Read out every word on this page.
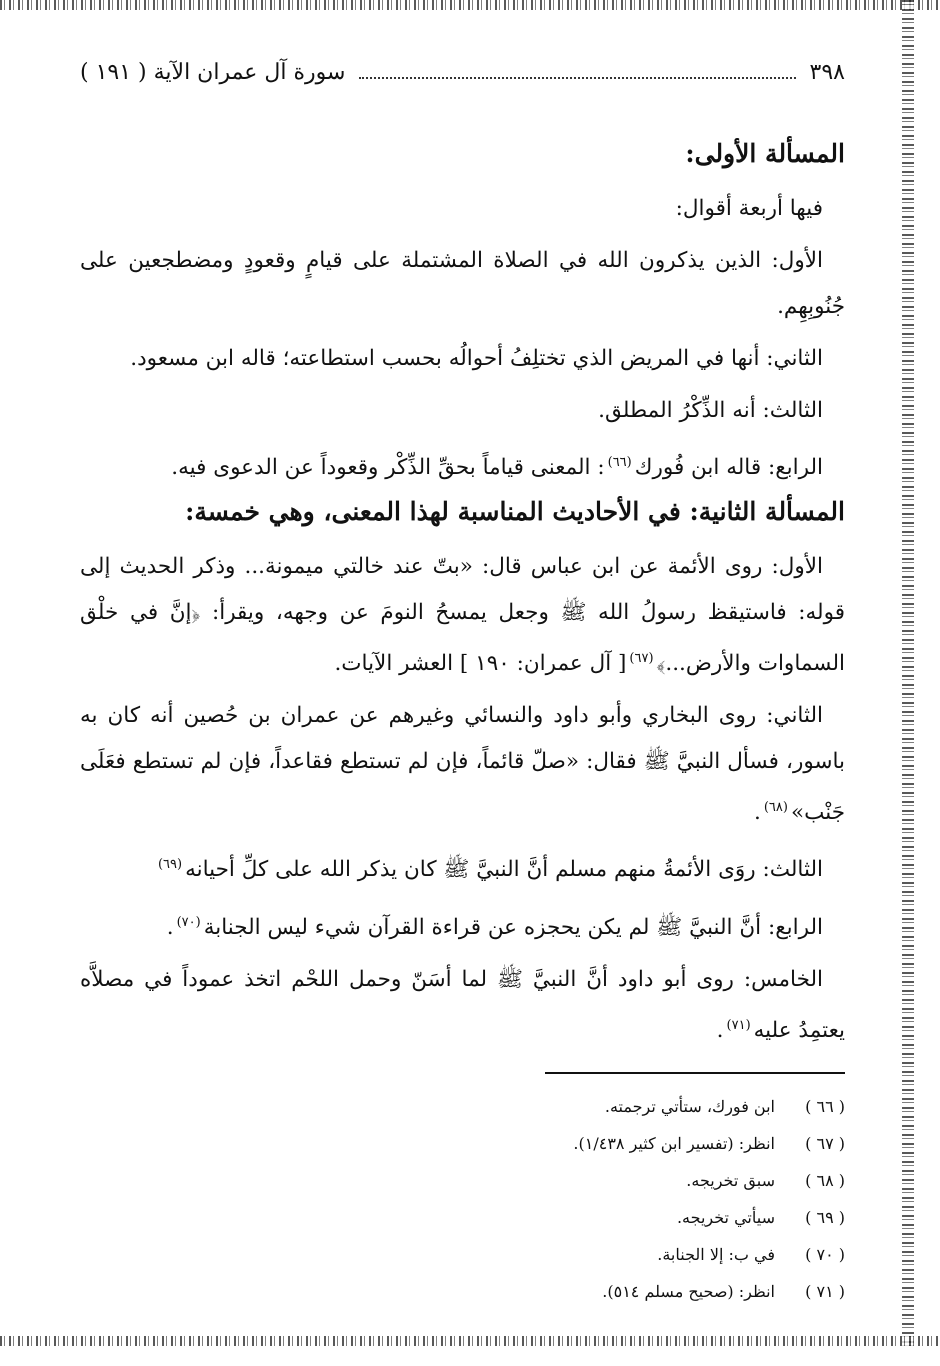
٣٩٨
سورة آل عمران الآية ( ١٩١ )
المسألة الأولى:

فيها أربعة أقوال:

الأول: الذين يذكرون الله في الصلاة المشتملة على قيامٍ وقعودٍ ومضطجعين على جُنُوبِهِم.

الثاني: أنها في المريض الذي تختلِفُ أحوالُه بحسب استطاعته؛ قاله ابن مسعود.

الثالث: أنه الذِّكْرُ المطلق.

الرابع: قاله ابن فُورك$^{(٦٦)}$: المعنى قياماً بحقِّ الذِّكْر وقعوداً عن الدعوى فيه.

المسألة الثانية: في الأحاديث المناسبة لهذا المعنى، وهي خمسة:

الأول: روى الأئمة عن ابن عباس قال: «بتّ عند خالتي ميمونة... وذكر الحديث إلى قوله: فاستيقظ رسولُ الله ﷺ وجعل يمسحُ النومَ عن وجهه، ويقرأ: ﴿إنَّ في خلْق السماوات والأرض...﴾$^{(٦٧)}$[ آل عمران: ١٩٠ ] العشر الآيات.

الثاني: روى البخاري وأبو داود والنسائي وغيرهم عن عمران بن حُصين أنه كان به باسور، فسأل النبيَّ ﷺ فقال: «صلّ قائماً، فإن لم تستطع فقاعداً، فإن لم تستطع فعَلَى جَنْب»$^{(٦٨)}$.

الثالث: روَى الأئمةُ منهم مسلم أنَّ النبيَّ ﷺ كان يذكر الله على كلِّ أحيانه$^{(٦٩)}$

الرابع: أنَّ النبيَّ ﷺ لم يكن يحجزه عن قراءة القرآن شيء ليس الجنابة$^{(٧٠)}$.

الخامس: روى أبو داود أنَّ النبيَّ ﷺ لما أسَنّ وحمل اللحْم اتخذ عموداً في مصلاَّه يعتمِدُ عليه$^{(٧١)}$.

( ٦٦ )
ابن فورك، ستأتي ترجمته.
( ٦٧ )
انظر: (تفسير ابن كثير ١/٤٣٨).
( ٦٨ )
سبق تخريجه.
( ٦٩ )
سيأتي تخريجه.
( ٧٠ )
في ب: إلا الجنابة.
( ٧١ )
انظر: (صحيح مسلم ٥١٤).
